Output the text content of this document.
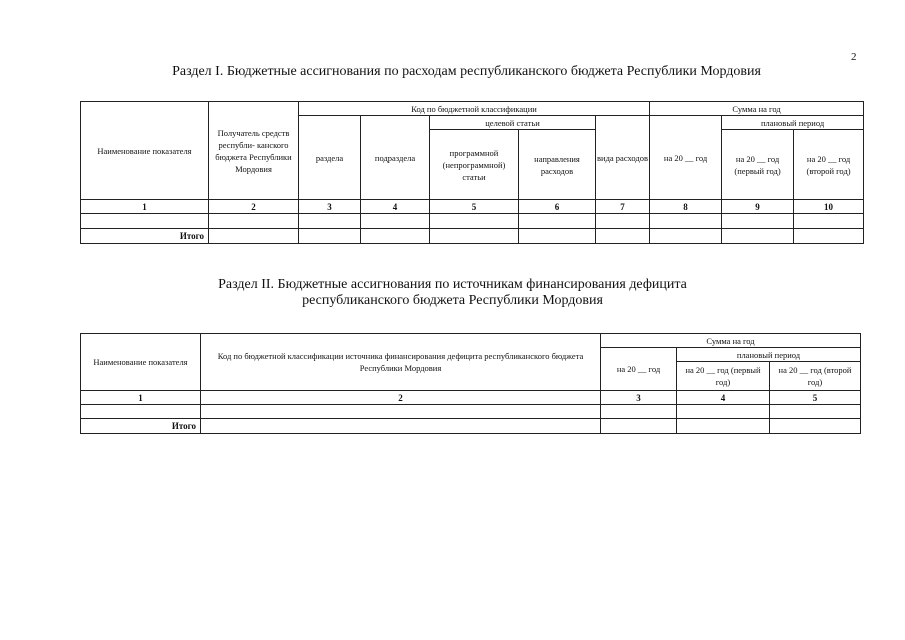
2
Раздел I. Бюджетные ассигнования по расходам республиканского бюджета Республики Мордовия
Наименование показателя	Получатель средств республи- канского бюджета Республики Мордовия	Код по бюджетной классификации					Сумма на год		
		раздела	подраздела	целевой статьи		вида расходов	на 20 __ год	плановый период	
				программной (непрограммной) статьи	направления расходов			на 20 __ год (первый год)	на 20 __ год (второй год)
1	2	3	4	5	6	7	8	9	10

Итого									
Раздел II. Бюджетные ассигнования по источникам финансирования дефицита
республиканского бюджета Республики Мордовия
Наименование показателя	Код по бюджетной классификации источника финансирования дефицита республиканского бюджета Республики Мордовия	Сумма на год		
		на 20 __ год	плановый период	
			на 20 __ год (первый год)	на 20 __ год (второй год)
1	2	3	4	5

Итого				
